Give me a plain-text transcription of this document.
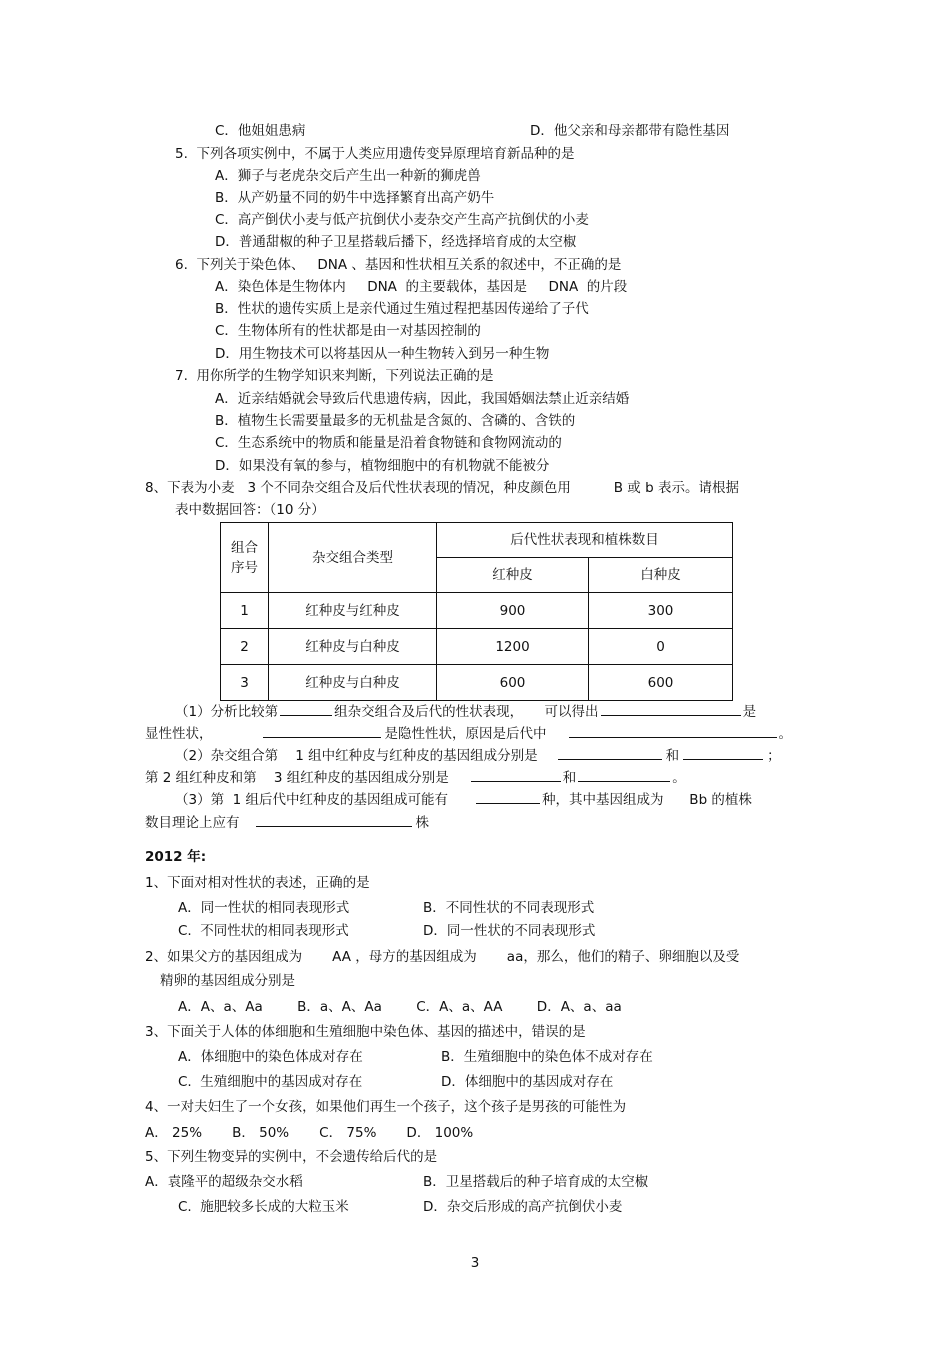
C．他姐姐患病	D．他父亲和母亲都带有隐性基因
5.  下列各项实例中，不属于人类应用遗传变异原理培育新品种的是
A．狮子与老虎杂交后产生出一种新的狮虎兽
B．从产奶量不同的奶牛中选择繁育出高产奶牛
C．高产倒伏小麦与低产抗倒伏小麦杂交产生高产抗倒伏的小麦
D．普通甜椒的种子卫星搭载后播下，经选择培育成的太空椒
6.  下列关于染色体、   DNA 、基因和性状相互关系的叙述中，不正确的是
A．染色体是生物体内     DNA  的主要载体，基因是     DNA  的片段
B．性状的遗传实质上是亲代通过生殖过程把基因传递给了子代
C．生物体所有的性状都是由一对基因控制的
D．用生物技术可以将基因从一种生物转入到另一种生物
7.  用你所学的生物学知识来判断，下列说法正确的是
A．近亲结婚就会导致后代患遗传病，因此，我国婚姻法禁止近亲结婚
B．植物生长需要量最多的无机盐是含氮的、含磷的、含铁的
C．生态系统中的物质和能量是沿着食物链和食物网流动的
D．如果没有氧的参与，植物细胞中的有机物就不能被分
8、下表为小麦   3 个不同杂交组合及后代性状表现的情况，种皮颜色用          B 或 b 表示。请根据
表中数据回答：（10 分）
组合
序号	杂交组合类型	后代性状表现和植株数目	
		红种皮	白种皮
1	红种皮与红种皮	900	300
2	红种皮与白种皮	1200	0
3	红种皮与白种皮	600	600
（1）分析比较第	组杂交组合及后代的性状表现，     可以得出	是
显性性状，	是隐性性状，原因是后代中	。
（2）杂交组合第    1 组中红种皮与红种皮的基因组成分别是	和	；
第 2 组红种皮和第    3 组红种皮的基因组成分别是	和	。
（3）第  1 组后代中红种皮的基因组成可能有	种，其中基因组成为      Bb 的植株
数目理论上应有	株
2012 年:
1、下面对相对性状的表述，正确的是
A．同一性状的相同表现形式	B．不同性状的不同表现形式
C.  不同性状的相同表现形式	D．同一性状的不同表现形式
2、如果父方的基因组成为       AA ，母方的基因组成为       aa，那么，他们的精子、卵细胞以及受
精卵的基因组成分别是
A．A、a、Aa        B．a、A、Aa        C．A、a、AA        D．A、a、aa
3、下面关于人体的体细胞和生殖细胞中染色体、基因的描述中，错误的是
A．体细胞中的染色体成对存在	B．生殖细胞中的染色体不成对存在
C.  生殖细胞中的基因成对存在	D．体细胞中的基因成对存在
4、一对夫妇生了一个女孩，如果他们再生一个孩子，这个孩子是男孩的可能性为
A． 25%       B． 50%       C． 75%       D． 100%
5、下列生物变异的实例中，不会遗传给后代的是
A．袁隆平的超级杂交水稻	B．卫星搭载后的种子培育成的太空椒
C.  施肥较多长成的大粒玉米	D．杂交后形成的高产抗倒伏小麦
3
